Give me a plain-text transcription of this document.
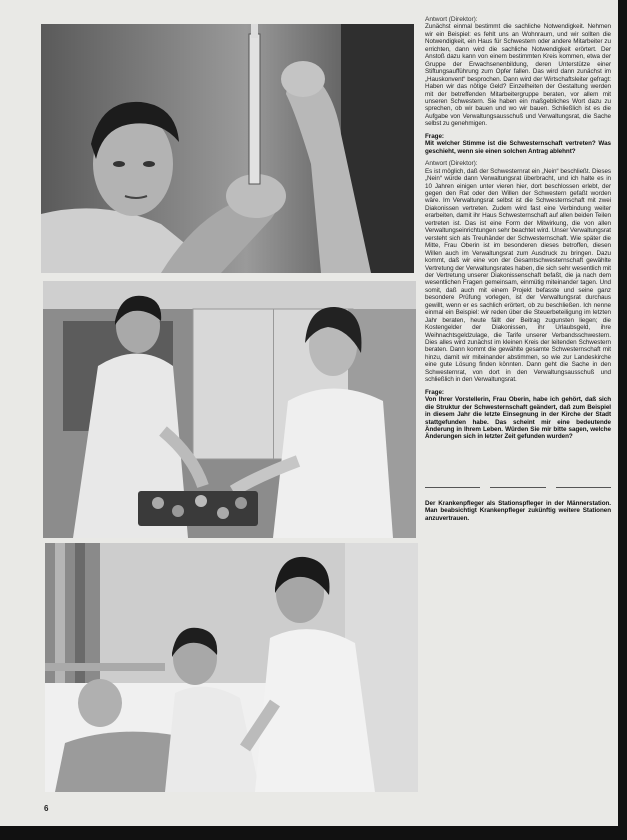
Antwort (Direktor):

Zunächst einmal bestimmt die sachliche Notwendigkeit. Nehmen wir ein Beispiel: es fehlt uns an Wohnraum, und wir sollten die Notwendigkeit, ein Haus für Schwestern oder andere Mitarbeiter zu errichten, dann wird die sachliche Notwendigkeit erörtert. Der Anstoß dazu kann von einem bestimmten Kreis kommen, etwa der Gruppe der Erwachsenenbildung, deren Unterstütze einer Stiftungsaufführung zum Opfer fallen. Das wird dann zunächst im „Hauskonvent“ besprochen. Dann wird der Wirtschaftsleiter gefragt: Haben wir das nötige Geld? Einzelheiten der Gestaltung werden mit der betreffenden Mitarbeitergruppe beraten, vor allem mit unseren Schwestern. Sie haben ein maßgebliches Wort dazu zu sprechen, ob wir bauen und wo wir bauen. Schließlich ist es die Aufgabe von Verwaltungsausschuß und Verwaltungsrat, die Sache selbst zu genehmigen.

Frage:

Mit welcher Stimme ist die Schwesternschaft vertreten? Was geschieht, wenn sie einen solchen Antrag ablehnt?

Antwort (Direktor):

Es ist möglich, daß der Schwesternrat ein „Nein“ beschließt. Dieses „Nein“ würde dann Verwaltungsrat überbracht, und ich halte es in 10 Jahren einigen unter vieren hier, dort beschlossen erlebt, der gegen den Rat oder den Willen der Schwestern gefaßt worden wäre. Im Verwaltungsrat selbst ist die Schwesternschaft mit zwei Diakonissen vertreten. Zudem wird fast eine Verbindung weiter erarbeiten, damit ihr Haus Schwesternschaft auf allen beiden Teilen vertreten ist. Das ist eine Form der Mitwirkung, die von allen Verwaltungseinrichtungen sehr beachtet wird. Unser Verwaltungsrat versteht sich als Treuhänder der Schwesternschaft. Wie später die Mitte, Frau Oberin ist im besonderen dieses betroffen, diesen Willen auch im Verwaltungsrat zum Ausdruck zu bringen. Dazu kommt, daß wir eine von der Gesamtschwesternschaft gewählte Vertretung der Verwaltungsrates haben, die sich sehr wesentlich mit der Vertretung unserer Diakonissenschaft befaßt, die ja nach dem wesentlichen Fragen gemeinsam, einmütig miteinander tagen. Und somit, daß auch mit einem Projekt befasste und seine ganz besondere Prüfung vorlegen, ist der Verwaltungsrat durchaus gewillt, wenn er es sachlich erörtert, ob zu beschließen. Ich nenne einmal ein Beispiel: wir reden über die Steuerbeteiligung im letzten Jahr beraten, heute fällt der Beitrag zugunsten liegen; die Kostengelder der Diakonissen, ihr Urlaubsgeld, ihre Weihnachtsgeldzulage, die Tarife unserer Verbandsschwestern. Dies alles wird zunächst im kleinen Kreis der leitenden Schwestern beraten. Dann kommt die gewählte gesamte Schwesternschaft mit hinzu, damit wir miteinander abstimmen, so wie zur Landeskirche eine gute Lösung finden könnten. Dann geht die Sache in den Schwesternrat, von dort in den Verwaltungsausschuß und schließlich in den Verwaltungsrat.

Frage:

Von Ihrer Vorstellerin, Frau Oberin, habe ich gehört, daß sich die Struktur der Schwesternschaft geändert, daß zum Beispiel in diesem Jahr die letzte Einsegnung in der Kirche der Stadt stattgefunden habe. Das scheint mir eine bedeutende Änderung in Ihrem Leben. Würden Sie mir bitte sagen, welche Änderungen sich in letzter Zeit gefunden wurden?

Der Krankenpfleger als Stationspfleger in der Männerstation. Man beabsichtigt Krankenpfleger zukünftig weitere Stationen anzuvertrauen.

6
